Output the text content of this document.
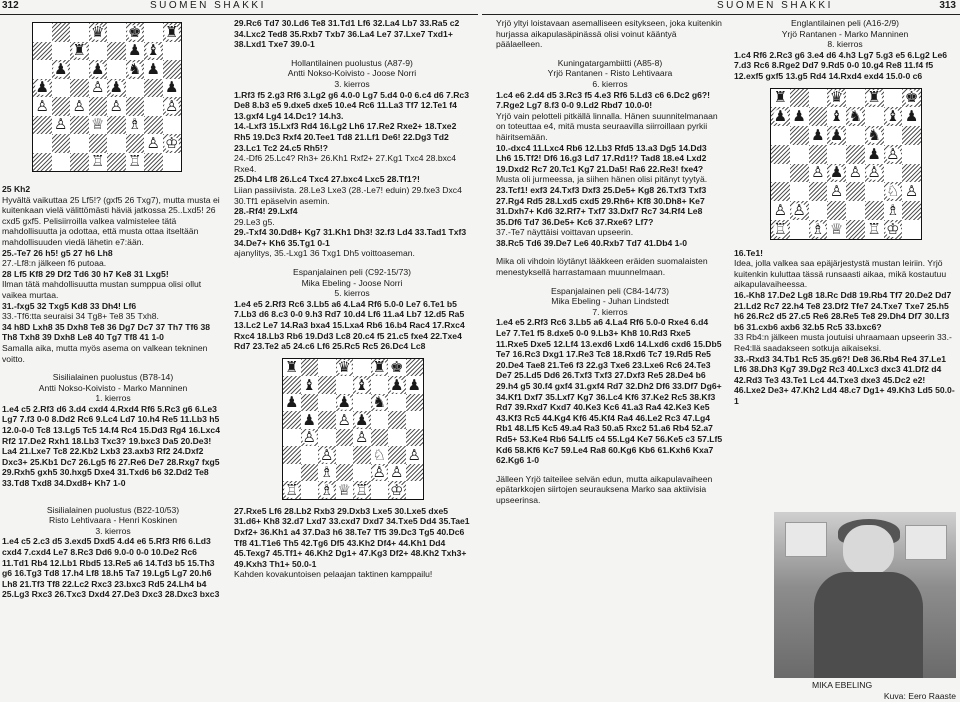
312	SUOMEN SHAKKI
♛ ♚ ♜
♜	♟ ♝
♟ ♟ ♞ ♟
♟	♙ ♟	♟
♙ ♙ ♙	♙
♙ ♕ ♗
♙ ♔
♖ ♖
25 Kh2
Hyvältä vaikuttaa 25 Lf5!? (gxf5 26 Txg7), mutta musta ei kuitenkaan vielä välittömästi häviä jatkossa 25..Lxd5! 26 cxd5 gxf5. Pelisiirroilla valkea valmistelee tätä mahdollisuutta ja odottaa, että musta ottaa itseltään mahdollisuuden viedä lähetin e7:ään.
25.-Te7 26 h5! g5 27 h6 Lh8
27.-Lf8:n jälkeen f6 putoaa.
28 Lf5 Kf8 29 Df2 Td6 30 h7 Ke8 31 Lxg5!
Ilman tätä mahdollisuutta mustan sumppua olisi ollut vaikea murtaa.
31.-fxg5 32 Txg5 Kd8 33 Dh4! Lf6
33.-Tf6:tta seuraisi 34 Tg8+ Te8 35 Txh8.
34 h8D Lxh8 35 Dxh8 Te8 36 Dg7 Dc7 37 Th7 Tf6 38 Th8 Txh8 39 Dxh8 Le8 40 Tg7 Tf8 41 1-0
Samalla aika, mutta myös asema on valkean tekninen voitto.
Sisilialainen puolustus (B78-14)
Antti Nokso-Koivisto - Marko Manninen
1. kierros
1.e4 c5 2.Rf3 d6 3.d4 cxd4 4.Rxd4 Rf6 5.Rc3 g6 6.Le3 Lg7 7.f3 0-0 8.Dd2 Rc6 9.Lc4 Ld7 10.h4 Re5 11.Lb3 h5 12.0-0-0 Tc8 13.Lg5 Tc5 14.f4 Rc4 15.Dd3 Rg4 16.Lxc4 Rf2 17.De2 Rxh1 18.Lb3 Txc3? 19.bxc3 Da5 20.De3! La4 21.Lxe7 Tc8 22.Kb2 Lxb3 23.axb3 Rf2 24.Dxf2 Dxc3+ 25.Kb1 Dc7 26.Lg5 f6 27.Re6 De7 28.Rxg7 fxg5 29.Rxh5 gxh5 30.hxg5 Dxe4 31.Txd6 b6 32.Dd2 Te8 33.Td8 Txd8 34.Dxd8+ Kh7 1-0
Sisilialainen puolustus (B22-10/53)
Risto Lehtivaara - Henri Koskinen
3. kierros
1.e4 c5 2.c3 d5 3.exd5 Dxd5 4.d4 e6 5.Rf3 Rf6 6.Ld3 cxd4 7.cxd4 Le7 8.Rc3 Dd6 9.0-0 0-0 10.De2 Rc6 11.Td1 Rb4 12.Lb1 Rbd5 13.Re5 a6 14.Td3 b5 15.Th3 g6 16.Tg3 Td8 17.h4 Lf8 18.h5 Ta7 19.Lg5 Lg7 20.h6 Lh8 21.Tf3 Tf8 22.Lc2 Rxc3 23.bxc3 Rd5 24.Lh4 b4 25.Lg3 Rxc3 26.Txc3 Dxd4 27.De3 Dxc3 28.Dxc3 bxc3
29.Rc6 Td7 30.Ld6 Te8 31.Td1 Lf6 32.La4 Lb7 33.Ra5 c2 34.Lxc2 Ted8 35.Rxb7 Txb7 36.La4 Le7 37.Lxe7 Txd1+ 38.Lxd1 Txe7 39.0-1
Hollantilainen puolustus (A87-9)
Antti Nokso-Koivisto - Joose Norri
3. kierros
1.Rf3 f5 2.g3 Rf6 3.Lg2 g6 4.0-0 Lg7 5.d4 0-0 6.c4 d6 7.Rc3 De8 8.b3 e5 9.dxe5 dxe5 10.e4 Rc6 11.La3 Tf7 12.Te1 f4 13.gxf4 Lg4 14.Dc1? 14.h3.
14.-Lxf3 15.Lxf3 Rd4 16.Lg2 Lh6 17.Re2 Rxe2+ 18.Txe2 Rh5 19.Dc3 Rxf4 20.Tee1 Td8 21.Lf1 De6! 22.Dg3 Td2 23.Lc1 Tc2 24.c5 Rh5!?
24.-Df6 25.Lc4? Rh3+ 26.Kh1 Rxf2+ 27.Kg1 Txc4 28.bxc4 Rxe4.
25.Dh4 Lf8 26.Lc4 Txc4 27.bxc4 Lxc5 28.Tf1?!
Liian passiivista. 28.Le3 Lxe3 (28.-Le7! eduin) 29.fxe3 Dxc4 30.Tf1 epäselvin asemin.
28.-Rf4! 29.Lxf4
29.Le3 g5.
29.-Txf4 30.Dd8+ Kg7 31.Kh1 Dh3! 32.f3 Ld4 33.Tad1 Txf3 34.De7+ Kh6 35.Tg1 0-1
ajanylitys, 35.-Lxg1 36 Txg1 Dh5 voittoaseman.
Espanjalainen peli (C92-15/73)
Mika Ebeling - Joose Norri
5. kierros
1.e4 e5 2.Rf3 Rc6 3.Lb5 a6 4.La4 Rf6 5.0-0 Le7 6.Te1 b5 7.Lb3 d6 8.c3 0-0 9.h3 Rd7 10.d4 Lf6 11.a4 Lb7 12.d5 Ra5 13.Lc2 Le7 14.Ra3 bxa4 15.Lxa4 Rb6 16.b4 Rac4 17.Rxc4 Rxc4 18.Lb3 Rb6 19.Dd3 Lc8 20.c4 f5 21.c5 fxe4 22.Txe4 Rd7 23.Te2 a5 24.c6 Lf6 25.Rc5 Rc5 26.Dc4 Lc8
♜	♛ ♜ ♚
♝	♝ ♟ ♟
♟	♟ ♞
♟ ♙ ♟
♙	♙
♙	♘ ♙
♗	♙ ♙
♖ ♗ ♕ ♖ ♔
27.Rxe5 Lf6 28.Lb2 Rxb3 29.Dxb3 Lxe5 30.Lxe5 dxe5 31.d6+ Kh8 32.d7 Lxd7 33.cxd7 Dxd7 34.Txe5 Dd4 35.Tae1 Dxf2+ 36.Kh1 a4 37.Da3 h6 38.Te7 Tf5 39.Dc3 Tg5 40.Dc6 Tf8 41.T1e6 Th5 42.Tg6 Df5 43.Kh2 Df4+ 44.Kh1 Dd4 45.Texg7 45.Tf1+ 46.Kh2 Dg1+ 47.Kg3 Df2+ 48.Kh2 Txh3+ 49.Kxh3 Th1+ 50.0-1
Kahden kovakuntoisen pelaajan taktinen kamppailu!
SUOMEN SHAKKI	313
Yrjö yltyi loistavaan asemalliseen esitykseen, joka kuitenkin hurjassa aikapulasäpinässä olisi voinut kääntyä päälaelleen.
Kuningatargambiitti (A85-8)
Yrjö Rantanen - Risto Lehtivaara
6. kierros
1.c4 e6 2.d4 d5 3.Rc3 f5 4.e3 Rf6 5.Ld3 c6 6.Dc2 g6?! 7.Rge2 Lg7 8.f3 0-0 9.Ld2 Rbd7 10.0-0!
Yrjö vain pelotteli pitkällä linnalla. Hänen suunnitelmanaan on toteuttaa e4, mitä musta seuraavilla siirroillaan pyrkii häiritsemään.
10.-dxc4 11.Lxc4 Rb6 12.Lb3 Rfd5 13.a3 Dg5 14.Dd3 Lh6 15.Tf2! Df6 16.g3 Ld7 17.Rd1!? Tad8 18.e4 Lxd2 19.Dxd2 Rc7 20.Tc1 Kg7 21.Da5! Ra6 22.Re3! fxe4?
Musta oli jurmeessa, ja siihen hänen olisi pitänyt tyytyä.
23.Tcf1! exf3 24.Txf3 Dxf3 25.De5+ Kg8 26.Txf3 Txf3 27.Rg4 Rd5 28.Lxd5 cxd5 29.Rh6+ Kf8 30.Dh8+ Ke7 31.Dxh7+ Kd6 32.Rf7+ Txf7 33.Dxf7 Rc7 34.Rf4 Le8 35.Df6 Td7 36.De5+ Kc6 37.Rxe6? Lf7?
37.-Te7 näyttäisi voittavan upseerin.
38.Rc5 Td6 39.De7 Le6 40.Rxb7 Td7 41.Db4 1-0
Mika oli vihdoin löytänyt lääkkeen eräiden suomalaisten menestyksellä harrastamaan muunnelmaan.
Espanjalainen peli (C84-14/73)
Mika Ebeling - Juhan Lindstedt
7. kierros
1.e4 e5 2.Rf3 Rc6 3.Lb5 a6 4.La4 Rf6 5.0-0 Rxe4 6.d4 Le7 7.Te1 f5 8.dxe5 0-0 9.Lb3+ Kh8 10.Rd3 Rxe5 11.Rxe5 Dxe5 12.Lf4 13.exd6 Lxd6 14.Lxd6 cxd6 15.Db5 Te7 16.Rc3 Dxg1 17.Re3 Tc8 18.Rxd6 Tc7 19.Rd5 Re5 20.De4 Tae8 21.Te6 f3 22.g3 Txe6 23.Lxe6 Rc6 24.Te3 De7 25.Ld5 Dd6 26.Txf3 Txf3 27.Dxf3 Re5 28.De4 b6 29.h4 g5 30.f4 gxf4 31.gxf4 Rd7 32.Dh2 Df6 33.Df7 Dg6+ 34.Kf1 Dxf7 35.Lxf7 Kg7 36.Lc4 Kf6 37.Ke2 Rc5 38.Kf3 Rd7 39.Rxd7 Kxd7 40.Ke3 Kc6 41.a3 Ra4 42.Ke3 Ke5 43.Kf3 Rc5 44.Kg4 Kf6 45.Kf4 Ra4 46.Le2 Rc3 47.Lg4 Rb1 48.Lf5 Kc5 49.a4 Ra3 50.a5 Rxc2 51.a6 Rb4 52.a7 Rd5+ 53.Ke4 Rb6 54.Lf5 c4 55.Lg4 Ke7 56.Ke5 c3 57.Lf5 Kd6 58.Kf6 Kc7 59.Le4 Ra8 60.Kg6 Kb6 61.Kxh6 Kxa7 62.Kg6 1-0
Jälleen Yrjö taiteilee selvän edun, mutta aikapulavaiheen epätarkkojen siirtojen seurauksena Marko saa aktiivisia upseerinsa.
Englantilainen peli (A16-2/9)
Yrjö Rantanen - Marko Manninen
8. kierros
1.c4 Rf6 2.Rc3 g6 3.e4 d6 4.h3 Lg7 5.g3 e5 6.Lg2 Le6 7.d3 Rc6 8.Rge2 Dd7 9.Rd5 0-0 10.g4 Re8 11.f4 f5 12.exf5 gxf5 13.g5 Rd4 14.Rxd4 exd4 15.0-0 c6
♜	♛ ♜ ♚
♟ ♟ ♝ ♞ ♝ ♟
♟ ♟ ♞
♟ ♙
♙ ♟ ♙ ♙
♙	♘ ♙
♙ ♙	♗
♖ ♗ ♕ ♖ ♔
16.Te1!
Idea, jolla valkea saa epäjärjestystä mustan leiriin. Yrjö kuitenkin kuluttaa tässä runsaasti aikaa, mikä kostautuu aikapulavaiheessa.
16.-Kh8 17.De2 Lg8 18.Rc Dd8 19.Rb4 Tf7 20.De2 Dd7 21.Ld2 Rc7 22.h4 Te8 23.Df2 Tfe7 24.Txe7 Txe7 25.h5 h6 26.Rc2 d5 27.c5 Re6 28.Re5 Te8 29.Dh4 Df7 30.Lf3 b6 31.cxb6 axb6 32.b5 Rc5 33.bxc6?
33 Rb4:n jälkeen musta joutuisi uhraamaan upseerin 33.-Re4:llä saadakseen sotkuja aikaiseksi.
33.-Rxd3 34.Tb1 Rc5 35.g6?! De8 36.Rb4 Re4 37.Le1 Lf6 38.Dh3 Kg7 39.Dg2 Rc3 40.Lxc3 dxc3 41.Df2 d4 42.Rd3 Te3 43.Te1 Lc4 44.Txe3 dxe3 45.Dc2 e2! 46.Lxe2 De3+ 47.Kh2 Ld4 48.c7 Dg1+ 49.Kh3 Ld5 50.0-1
MIKA EBELING
Kuva: Eero Raaste
